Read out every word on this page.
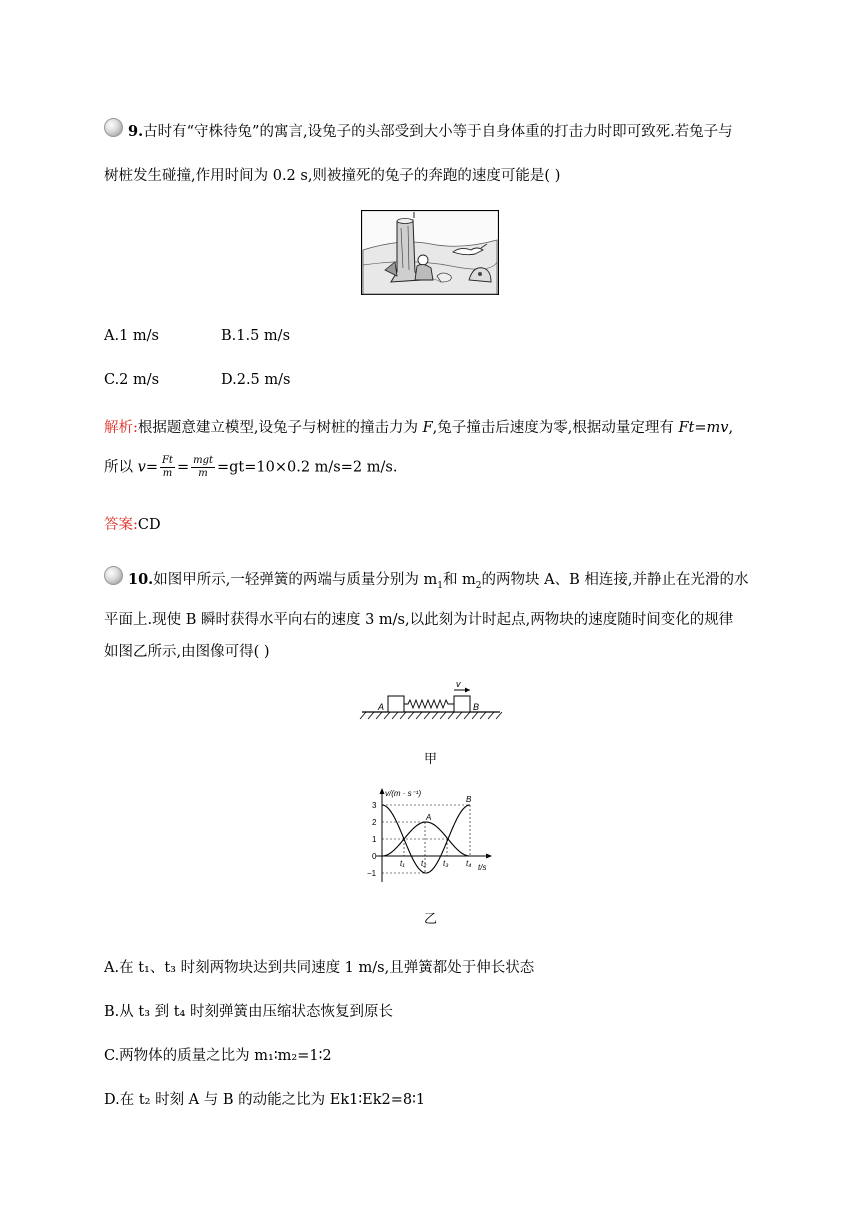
9.古时有“守株待兔”的寓言,设兔子的头部受到大小等于自身体重的打击力时即可致死.若兔子与
树桩发生碰撞,作用时间为 0.2 s,则被撞死的兔子的奔跑的速度可能是( )
A.1 m/s	B.1.5 m/s
C.2 m/s	D.2.5 m/s
解析:根据题意建立模型,设兔子与树桩的撞击力为 F,兔子撞击后速度为零,根据动量定理有 Ft=mv,
所以 $v= \frac{Ft}{m} = \frac{\text{mgt}}{m} =gt=10\times 0.2$ m/s=2 m/s.
答案:CD
10.如图甲所示,一轻弹簧的两端与质量分别为 $m_1$和 $m_2$的两物块 A、B 相连接,并静止在光滑的水
平面上.现使 B 瞬时获得水平向右的速度 3 m/s,以此刻为计时起点,两物块的速度随时间变化的规律
如图乙所示,由图像可得( )
v
A	B
甲
v/(m · s⁻¹)
t/s
3
2
1
0
−1
A
B
t₁ t₂ t₃ t₄
乙
A.在 t₁、t₃ 时刻两物块达到共同速度 1 m/s,且弹簧都处于伸长状态
B.从 t₃ 到 t₄ 时刻弹簧由压缩状态恢复到原长
C.两物体的质量之比为 m₁∶m₂=1∶2
D.在 t₂ 时刻 A 与 B 的动能之比为 Ek1∶Ek2=8∶1
